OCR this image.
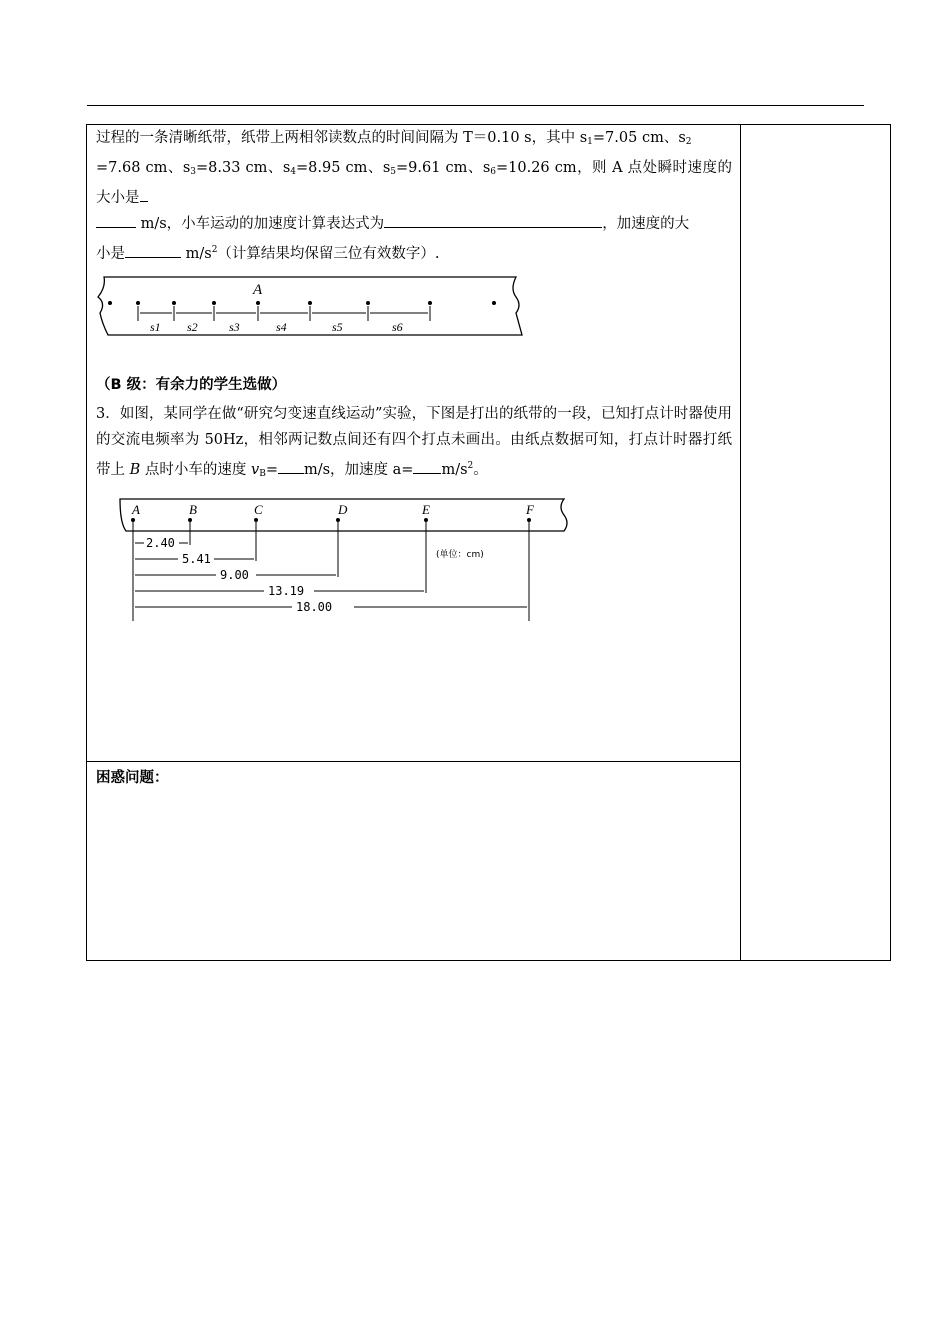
过程的一条清晰纸带，纸带上两相邻读数点的时间间隔为 T＝0.10 s，其中 $s_1=7.05$ cm、$s_2$
=7.68 cm、$s_3=8.33$ cm、$s_4=8.95$ cm、$s_5=9.61$ cm、$s_6=10.26$ cm，则 A 点处瞬时速度的大小是
m/s，小车运动的加速度计算表达式为	，加速度的大
小是	$m/s^2$（计算结果均保留三位有效数字）.

A
s1 s2	s3	s4	s5	s6
（B 级：有余力的学生选做）

3．如图，某同学在做“研究匀变速直线运动”实验，下图是打出的纸带的一段，已知打点计时器使用的交流电频率为 50Hz，相邻两记数点间还有四个打点未画出。由纸点数据可知，打点计时器打纸带上 B 点时小车的速度 $v_B= m/s$，加速度 $a= m/s^2$。

A	B	C	D	E	F
2.40
5.41
9.00
13.19
18.00
(单位：cm)

困惑问题：
